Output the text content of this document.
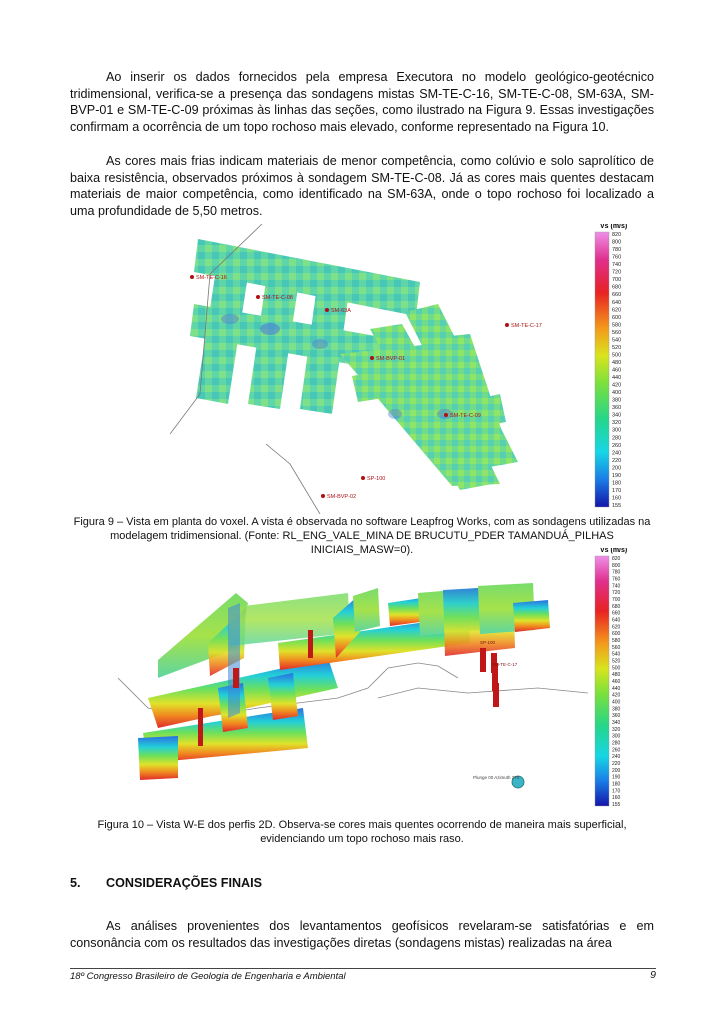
Ao inserir os dados fornecidos pela empresa Executora no modelo geológico-geotécnico tridimensional, verifica-se a presença das sondagens mistas SM-TE-C-16, SM-TE-C-08, SM-63A, SM-BVP-01 e SM-TE-C-09 próximas às linhas das seções, como ilustrado na Figura 9. Essas investigações confirmam a ocorrência de um topo rochoso mais elevado, conforme representado na Figura 10.

As cores mais frias indicam materiais de menor competência, como colúvio e solo saprolítico de baixa resistência, observados próximos à sondagem SM-TE-C-08. Já as cores mais quentes destacam materiais de maior competência, como identificado na SM-63A, onde o topo rochoso foi localizado a uma profundidade de 5,50 metros.

SM-TE-C-16
SM-TE-C-08
SM-63A
SM-TE-C-17
SM-BVP-01
SM-TE-C-09
SP-100
SM-BVP-02
Vs (m/s)
820
800
780
760
740
720
700
680
660
640
620
600
580
560
540
520
500
480
460
440
420
400
380
360
340
320
300
280
260
240
220
200
190
180
170
160
155

Figura 9 – Vista em planta do voxel. A vista é observada no software Leapfrog Works, com as sondagens utilizadas na modelagem tridimensional. (Fonte: RL_ENG_VALE_MINA DE BRUCUTU_PDER TAMANDUÁ_PILHAS INICIAIS_MASW=0).

SP-100
SM-TE-C-17
Plunge 00 Azimuth 270
Vs (m/s)
820
800
780
760
740
720
700
680
660
640
620
600
580
560
540
520
500
480
460
440
420
400
380
360
340
320
300
280
260
240
220
200
190
180
170
160
155

Figura 10 – Vista W-E dos perfis 2D. Observa-se cores mais quentes ocorrendo de maneira mais superficial, evidenciando um topo rochoso mais raso.

5. CONSIDERAÇÕES FINAIS

As análises provenientes dos levantamentos geofísicos revelaram-se satisfatórias e em consonância com os resultados das investigações diretas (sondagens mistas) realizadas na área

18º Congresso Brasileiro de Geologia de Engenharia e Ambiental	9
